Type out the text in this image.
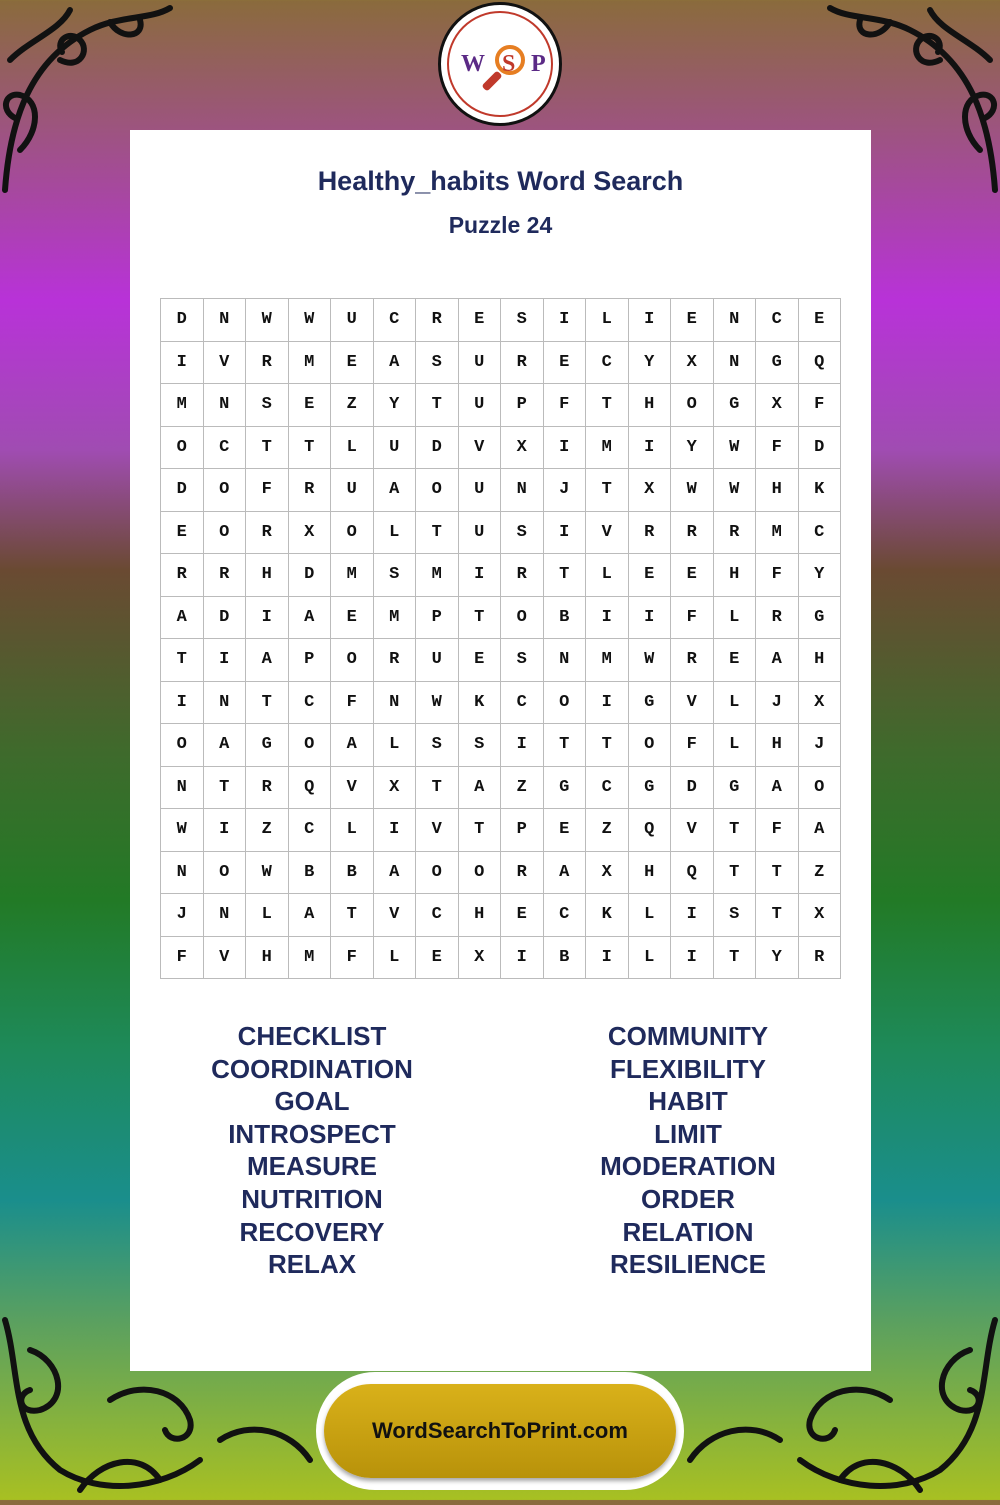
W S P
Healthy_habits Word Search
Puzzle 24
D	N	W	W	U	C	R	E	S	I	L	I	E	N	C	E
I	V	R	M	E	A	S	U	R	E	C	Y	X	N	G	Q
M	N	S	E	Z	Y	T	U	P	F	T	H	O	G	X	F
O	C	T	T	L	U	D	V	X	I	M	I	Y	W	F	D
D	O	F	R	U	A	O	U	N	J	T	X	W	W	H	K
E	O	R	X	O	L	T	U	S	I	V	R	R	R	M	C
R	R	H	D	M	S	M	I	R	T	L	E	E	H	F	Y
A	D	I	A	E	M	P	T	O	B	I	I	F	L	R	G
T	I	A	P	O	R	U	E	S	N	M	W	R	E	A	H
I	N	T	C	F	N	W	K	C	O	I	G	V	L	J	X
O	A	G	O	A	L	S	S	I	T	T	O	F	L	H	J
N	T	R	Q	V	X	T	A	Z	G	C	G	D	G	A	O
W	I	Z	C	L	I	V	T	P	E	Z	Q	V	T	F	A
N	O	W	B	B	A	O	O	R	A	X	H	Q	T	T	Z
J	N	L	A	T	V	C	H	E	C	K	L	I	S	T	X
F	V	H	M	F	L	E	X	I	B	I	L	I	T	Y	R
CHECKLIST
COORDINATION
GOAL
INTROSPECT
MEASURE
NUTRITION
RECOVERY
RELAX
COMMUNITY
FLEXIBILITY
HABIT
LIMIT
MODERATION
ORDER
RELATION
RESILIENCE
WordSearchToPrint.com
